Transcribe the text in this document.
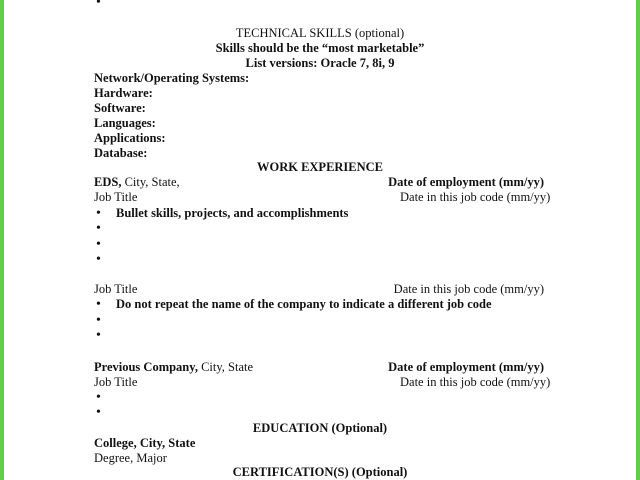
•
TECHNICAL SKILLS (optional)
Skills should be the “most marketable”
List versions: Oracle 7, 8i, 9
Network/Operating Systems:
Hardware:
Software:
Languages:
Applications:
Database:
WORK EXPERIENCE
EDS, City, State,	Date of employment (mm/yy)
Job Title	Date in this job code (mm/yy)
• Bullet skills, projects, and accomplishments
•
•
•
Job Title	Date in this job code (mm/yy)
• Do not repeat the name of the company to indicate a different job code
•
•
Previous Company, City, State	Date of employment (mm/yy)
Job Title	Date in this job code (mm/yy)
•
•
EDUCATION (Optional)
College, City, State
Degree, Major
CERTIFICATION(S) (Optional)
